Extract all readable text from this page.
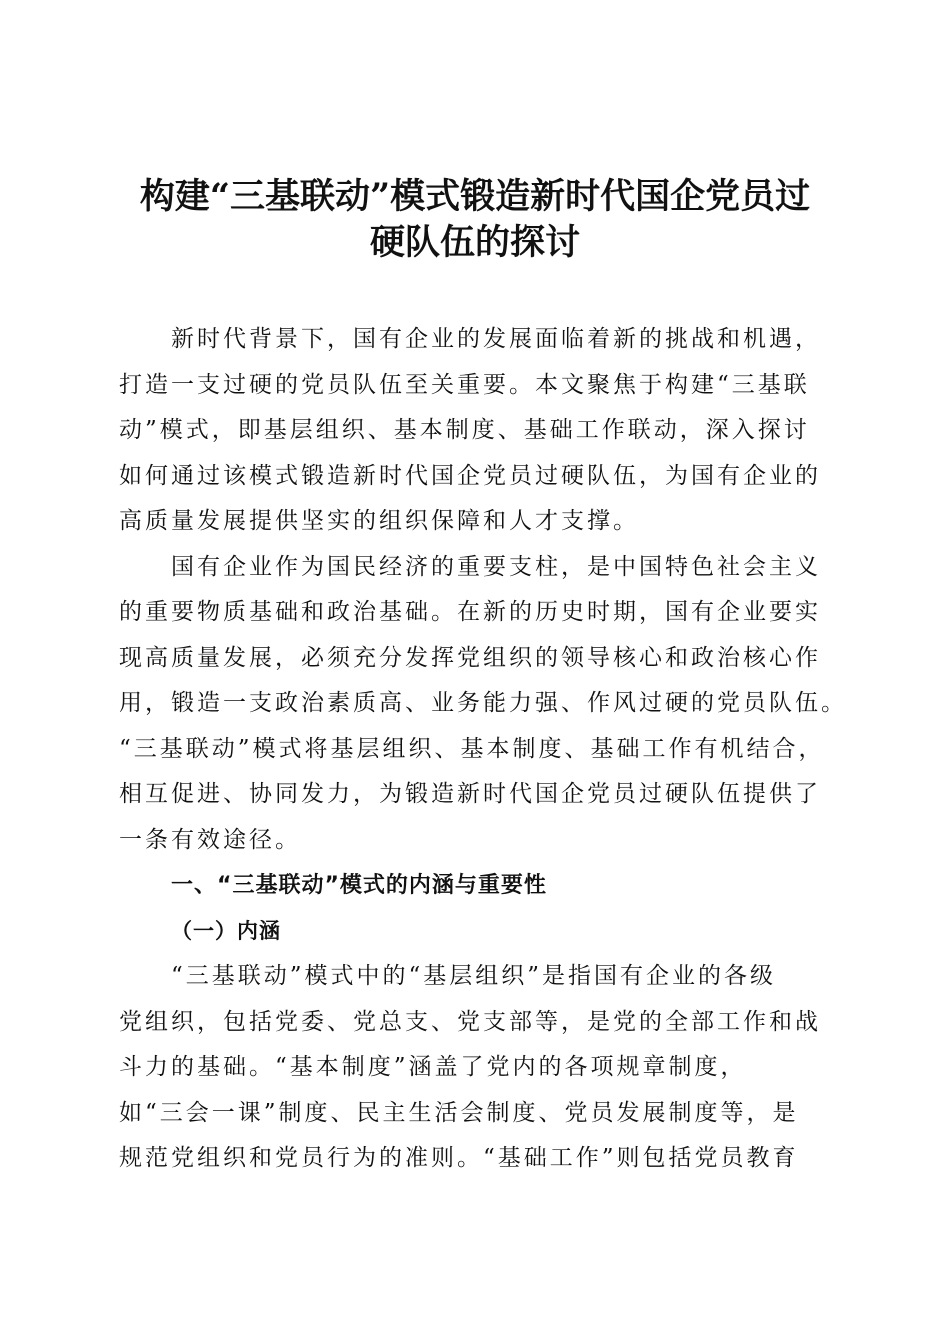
构建“三基联动”模式锻造新时代国企党员过
硬队伍的探讨

新时代背景下，国有企业的发展面临着新的挑战和机遇，
打造一支过硬的党员队伍至关重要。本文聚焦于构建“三基联
动”模式，即基层组织、基本制度、基础工作联动，深入探讨
如何通过该模式锻造新时代国企党员过硬队伍，为国有企业的
高质量发展提供坚实的组织保障和人才支撑。

国有企业作为国民经济的重要支柱，是中国特色社会主义
的重要物质基础和政治基础。在新的历史时期，国有企业要实
现高质量发展，必须充分发挥党组织的领导核心和政治核心作
用，锻造一支政治素质高、业务能力强、作风过硬的党员队伍。
“三基联动”模式将基层组织、基本制度、基础工作有机结合，
相互促进、协同发力，为锻造新时代国企党员过硬队伍提供了
一条有效途径。

一、“三基联动”模式的内涵与重要性
（一）内涵

“三基联动”模式中的“基层组织”是指国有企业的各级
党组织，包括党委、党总支、党支部等，是党的全部工作和战
斗力的基础。“基本制度”涵盖了党内的各项规章制度，
如“三会一课”制度、民主生活会制度、党员发展制度等，是
规范党组织和党员行为的准则。“基础工作”则包括党员教育
